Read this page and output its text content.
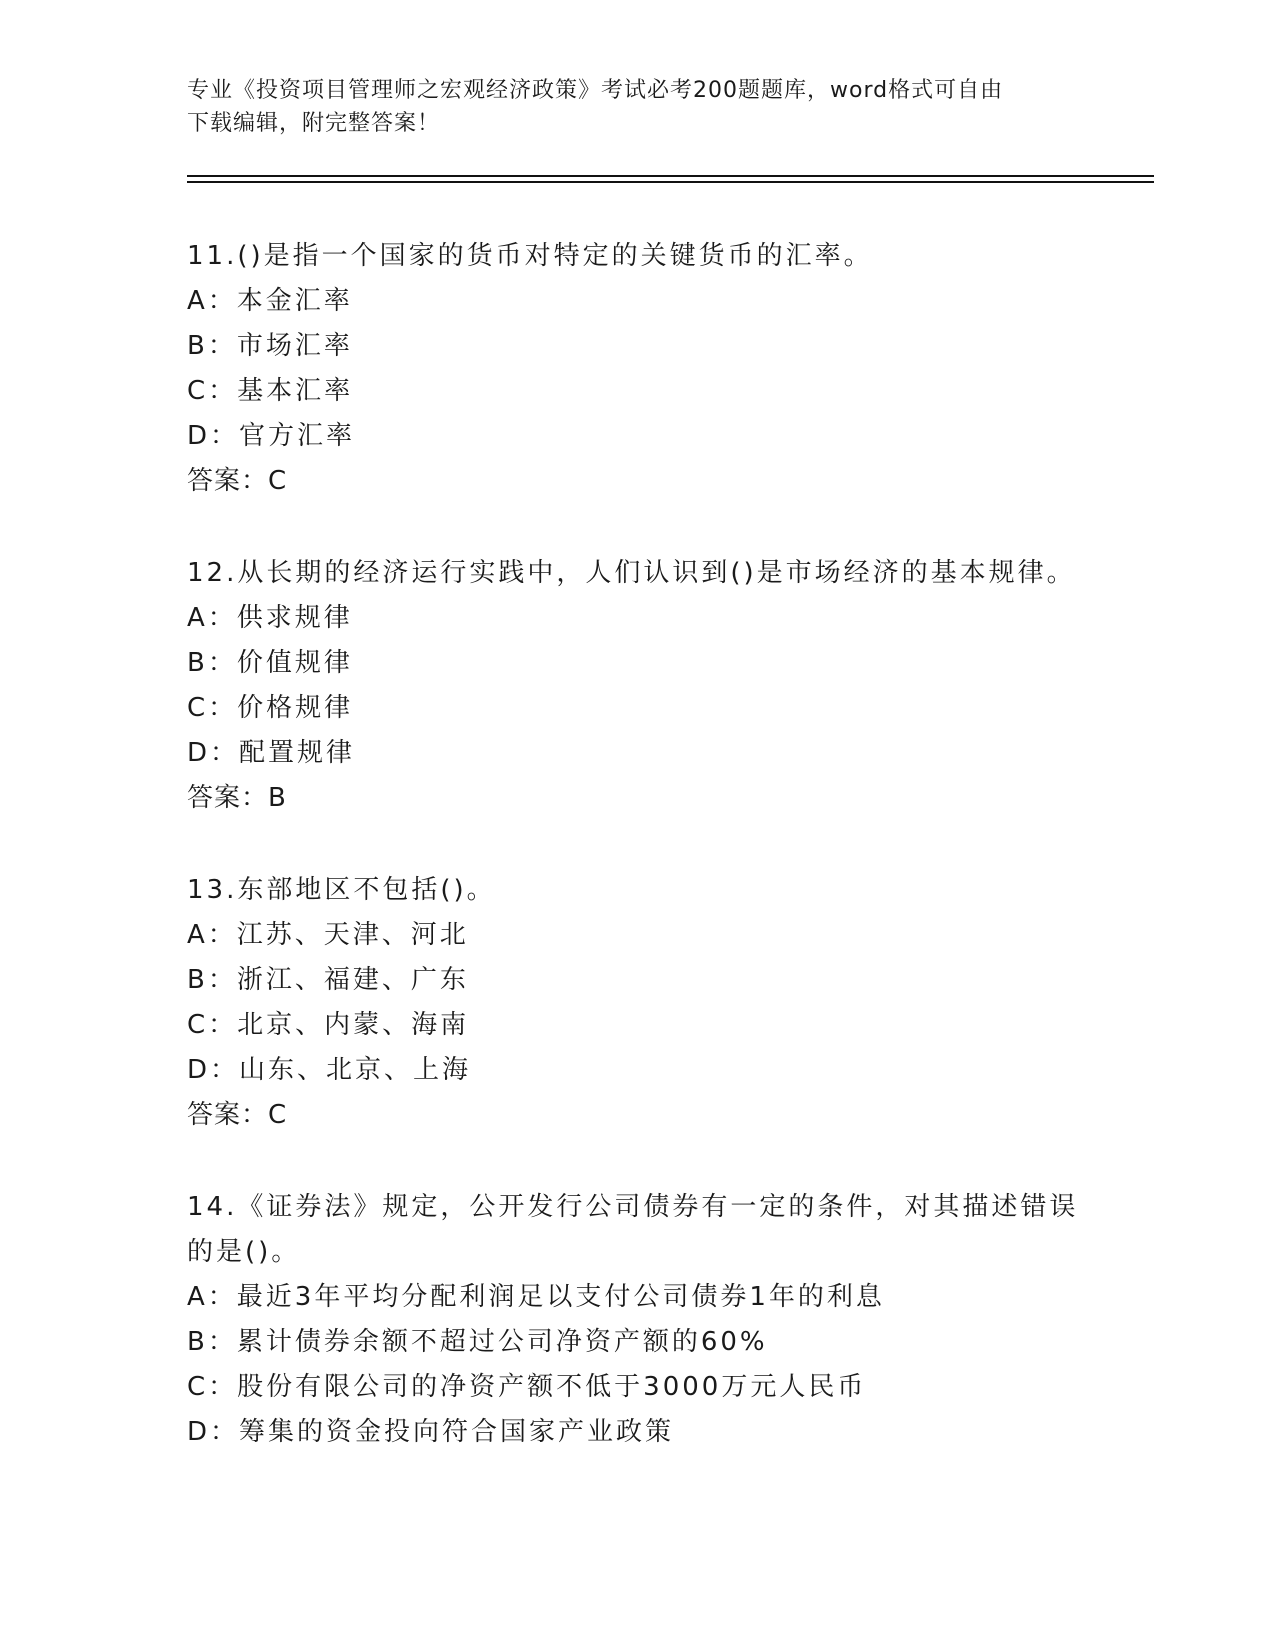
专业《投资项目管理师之宏观经济政策》考试必考200题题库，word格式可自由
下载编辑，附完整答案！

11.()是指一个国家的货币对特定的关键货币的汇率。

A：本金汇率

B：市场汇率

C：基本汇率

D：官方汇率

答案：C

12.从长期的经济运行实践中，人们认识到()是市场经济的基本规律。

A：供求规律

B：价值规律

C：价格规律

D：配置规律

答案：B

13.东部地区不包括()。

A：江苏、天津、河北

B：浙江、福建、广东

C：北京、内蒙、海南

D：山东、北京、上海

答案：C

14.《证券法》规定，公开发行公司债券有一定的条件，对其描述错误

的是()。

A：最近3年平均分配利润足以支付公司债券1年的利息

B：累计债券余额不超过公司净资产额的60%

C：股份有限公司的净资产额不低于3000万元人民币

D：筹集的资金投向符合国家产业政策
